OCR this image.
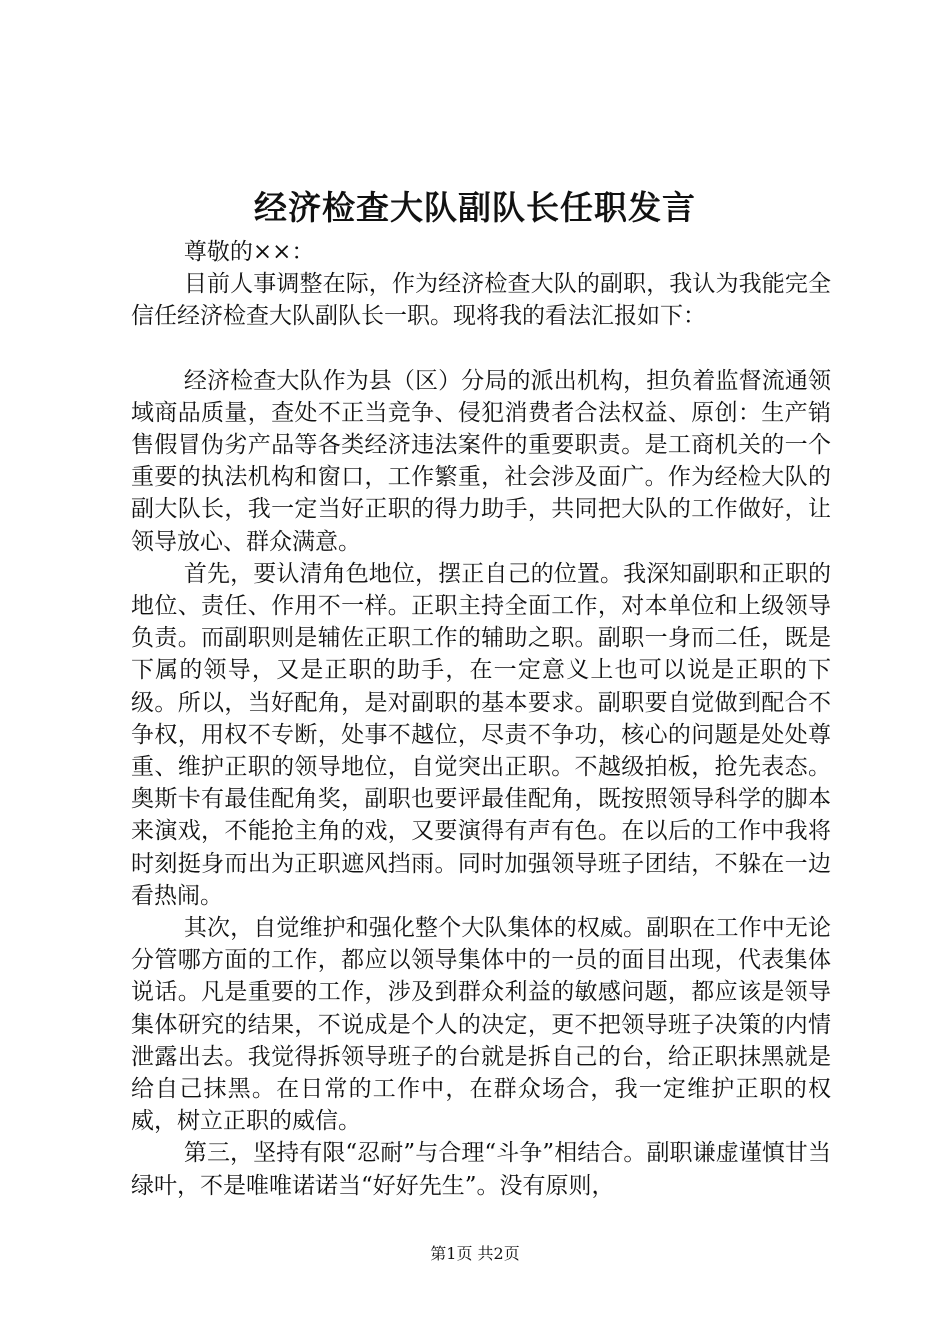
经济检查大队副队长任职发言

尊敬的××：

目前人事调整在际，作为经济检查大队的副职，我认为我能完全信任经济检查大队副队长一职。现将我的看法汇报如下：

经济检查大队作为县（区）分局的派出机构，担负着监督流通领域商品质量，查处不正当竞争、侵犯消费者合法权益、原创：生产销售假冒伪劣产品等各类经济违法案件的重要职责。是工商机关的一个重要的执法机构和窗口，工作繁重，社会涉及面广。作为经检大队的副大队长，我一定当好正职的得力助手，共同把大队的工作做好，让领导放心、群众满意。

首先，要认清角色地位，摆正自己的位置。我深知副职和正职的地位、责任、作用不一样。正职主持全面工作，对本单位和上级领导负责。而副职则是辅佐正职工作的辅助之职。副职一身而二任，既是下属的领导，又是正职的助手，在一定意义上也可以说是正职的下级。所以，当好配角，是对副职的基本要求。副职要自觉做到配合不争权，用权不专断，处事不越位，尽责不争功，核心的问题是处处尊重、维护正职的领导地位，自觉突出正职。不越级拍板，抢先表态。奥斯卡有最佳配角奖，副职也要评最佳配角，既按照领导科学的脚本来演戏，不能抢主角的戏，又要演得有声有色。在以后的工作中我将时刻挺身而出为正职遮风挡雨。同时加强领导班子团结，不躲在一边看热闹。

其次，自觉维护和强化整个大队集体的权威。副职在工作中无论分管哪方面的工作，都应以领导集体中的一员的面目出现，代表集体说话。凡是重要的工作，涉及到群众利益的敏感问题，都应该是领导集体研究的结果，不说成是个人的决定，更不把领导班子决策的内情泄露出去。我觉得拆领导班子的台就是拆自己的台，给正职抹黑就是给自己抹黑。在日常的工作中，在群众场合，我一定维护正职的权威，树立正职的威信。

第三，坚持有限“忍耐”与合理“斗争”相结合。副职谦虚谨慎甘当绿叶，不是唯唯诺诺当“好好先生”。没有原则，

第1页 共2页
